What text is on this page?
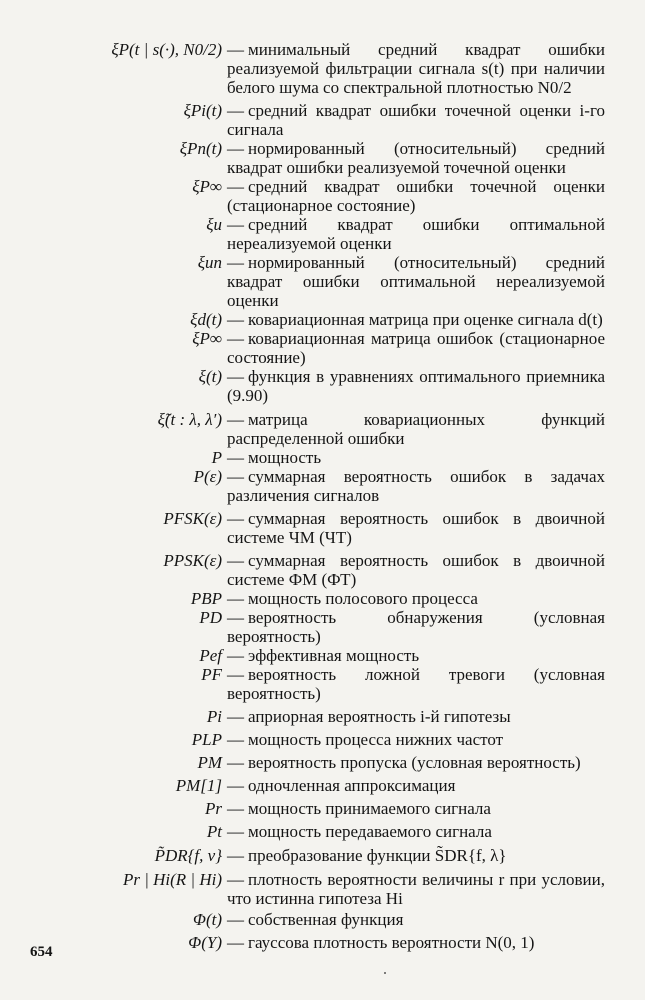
ξP(t | s(·), N0/2) — минимальный средний квадрат ошибки реализуемой фильтрации сигнала s(t) при наличии белого шума со спектральной плотностью N0/2
ξPi(t) — средний квадрат ошибки точечной оценки i-го сигнала
ξPn(t) — нормированный (относительный) средний квадрат ошибки реализуемой точечной оценки
ξP∞ — средний квадрат ошибки точечной оценки (стационарное состояние)
ξu — средний квадрат ошибки оптимальной нереализуемой оценки
ξun — нормированный (относительный) средний квадрат ошибки оптимальной нереализуемой оценки
ξd(t) — ковариационная матрица при оценке сигнала d(t)
ξP∞ — ковариационная матрица ошибок (стационарное состояние)
ξ(t) — функция в уравнениях оптимального приемника (9.90)
ξ̃(t : λ, λ′) — матрица ковариационных функций распределенной ошибки
P — мощность
P(ε) — суммарная вероятность ошибок в задачах различения сигналов
PFSK(ε) — суммарная вероятность ошибок в двоичной системе ЧМ (ЧТ)
PPSK(ε) — суммарная вероятность ошибок в двоичной системе ФМ (ФТ)
PBP — мощность полосового процесса
PD — вероятность обнаружения (условная вероятность)
Pef — эффективная мощность
PF — вероятность ложной тревоги (условная вероятность)
Pi — априорная вероятность i-й гипотезы
PLP — мощность процесса нижних частот
PM — вероятность пропуска (условная вероятность)
PM[1] — одночленная аппроксимация
Pr — мощность принимаемого сигнала
Pt — мощность передаваемого сигнала
P̃DR{f, v} — преобразование функции S̃DR{f, λ}
Pr | Hi(R | Hi) — плотность вероятности величины r при условии, что истинна гипотеза Hi
Φ(t) — собственная функция
Φ(Y) — гауссова плотность вероятности N(0, 1)
654
